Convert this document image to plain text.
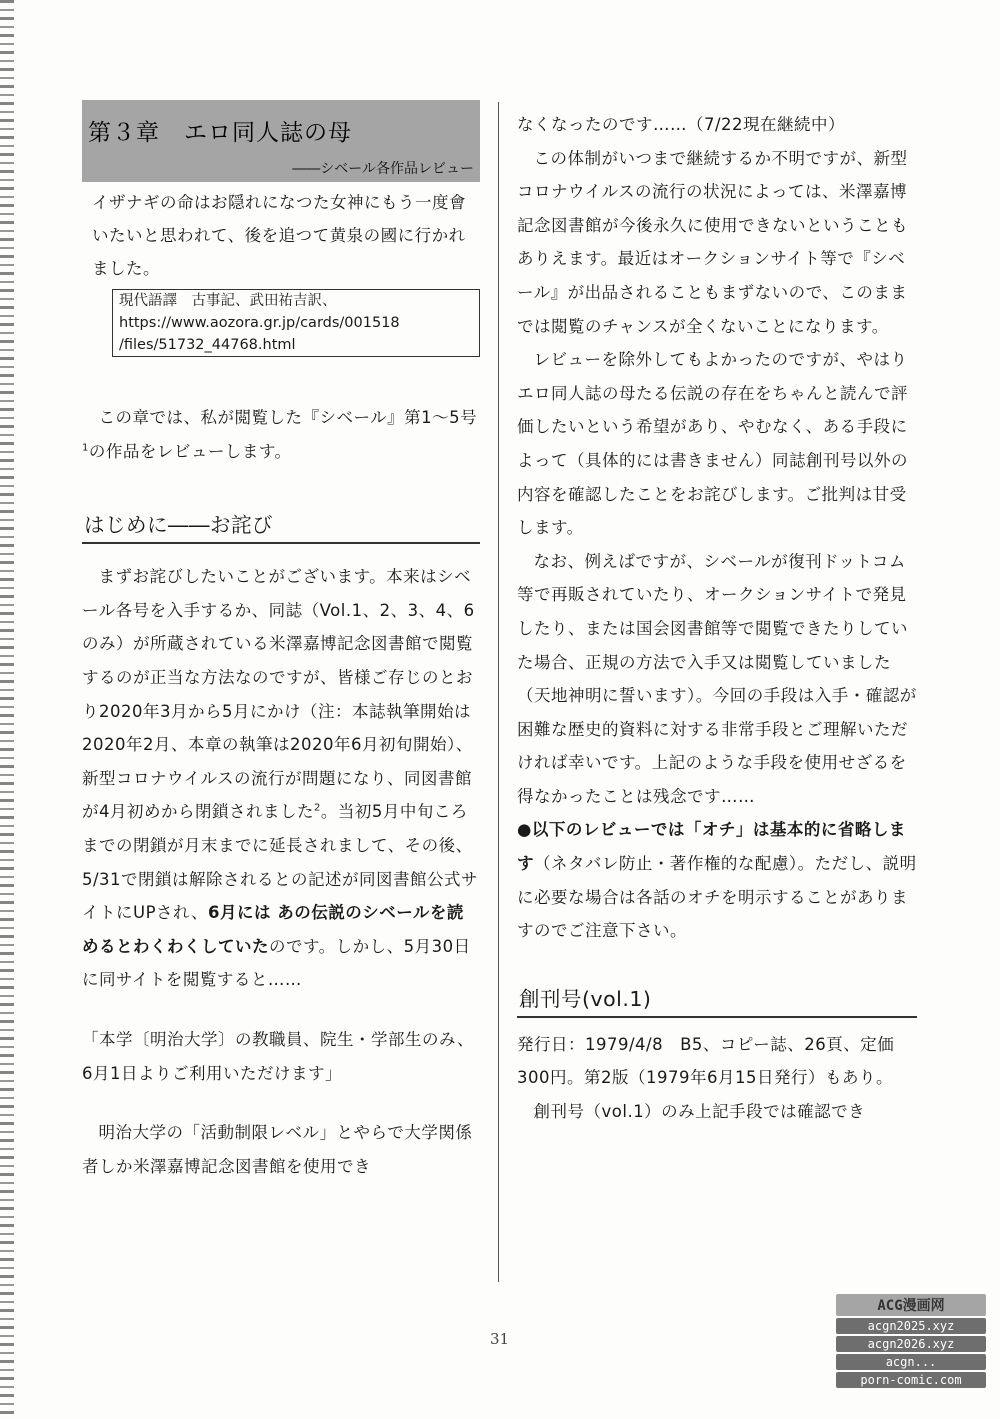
第３章　エロ同人誌の母
――シベール各作品レビュー

イザナギの命はお隠れになつた女神にもう一度會いたいと思われて、後を追つて黄泉の國に行かれました。

現代語譯　古事記、武田祐吉訳、
https://www.aozora.gr.jp/cards/001518
/files/51732_44768.html

この章では、私が閲覧した『シベール』第1～5号$^1$の作品をレビューします。

はじめに――お詫び

まずお詫びしたいことがございます。本来はシベール各号を入手するか、同誌（Vol.1、2、3、4、6のみ）が所蔵されている米澤嘉博記念図書館で閲覧するのが正当な方法なのですが、皆様ご存じのとおり2020年3月から5月にかけ（注：本誌執筆開始は2020年2月、本章の執筆は2020年6月初旬開始）、新型コロナウイルスの流行が問題になり、同図書館が4月初めから閉鎖されました$^2$。当初5月中旬ころまでの閉鎖が月末までに延長されまして、その後、5/31で閉鎖は解除されるとの記述が同図書館公式サイトにUPされ、6月には あの伝説のシベールを読めるとわくわくしていたのです。しかし、5月30日に同サイトを閲覧すると……

「本学〔明治大学〕の教職員、院生・学部生のみ、6月1日よりご利用いただけます」

明治大学の「活動制限レベル」とやらで大学関係者しか米澤嘉博記念図書館を使用でき

なくなったのです……（7/22現在継続中）

この体制がいつまで継続するか不明ですが、新型コロナウイルスの流行の状況によっては、米澤嘉博記念図書館が今後永久に使用できないということもありえます。最近はオークションサイト等で『シベール』が出品されることもまずないので、このままでは閲覧のチャンスが全くないことになります。

レビューを除外してもよかったのですが、やはりエロ同人誌の母たる伝説の存在をちゃんと読んで評価したいという希望があり、やむなく、ある手段によって（具体的には書きません）同誌創刊号以外の内容を確認したことをお詫びします。ご批判は甘受します。

なお、例えばですが、シベールが復刊ドットコム等で再販されていたり、オークションサイトで発見したり、または国会図書館等で閲覧できたりしていた場合、正規の方法で入手又は閲覧していました（天地神明に誓います）。今回の手段は入手・確認が困難な歴史的資料に対する非常手段とご理解いただければ幸いです。上記のような手段を使用せざるを得なかったことは残念です……

●以下のレビューでは「オチ」は基本的に省略します（ネタバレ防止・著作権的な配慮）。ただし、説明に必要な場合は各話のオチを明示することがありますのでご注意下さい。

創刊号(vol.1)

発行日：1979/4/8　B5、コピー誌、26頁、定価300円。第2版（1979年6月15日発行）もあり。

創刊号（vol.1）のみ上記手段では確認でき

31
ACG漫画网
acgn2025.xyz
acgn2026.xyz
acgn...
porn-comic.com
